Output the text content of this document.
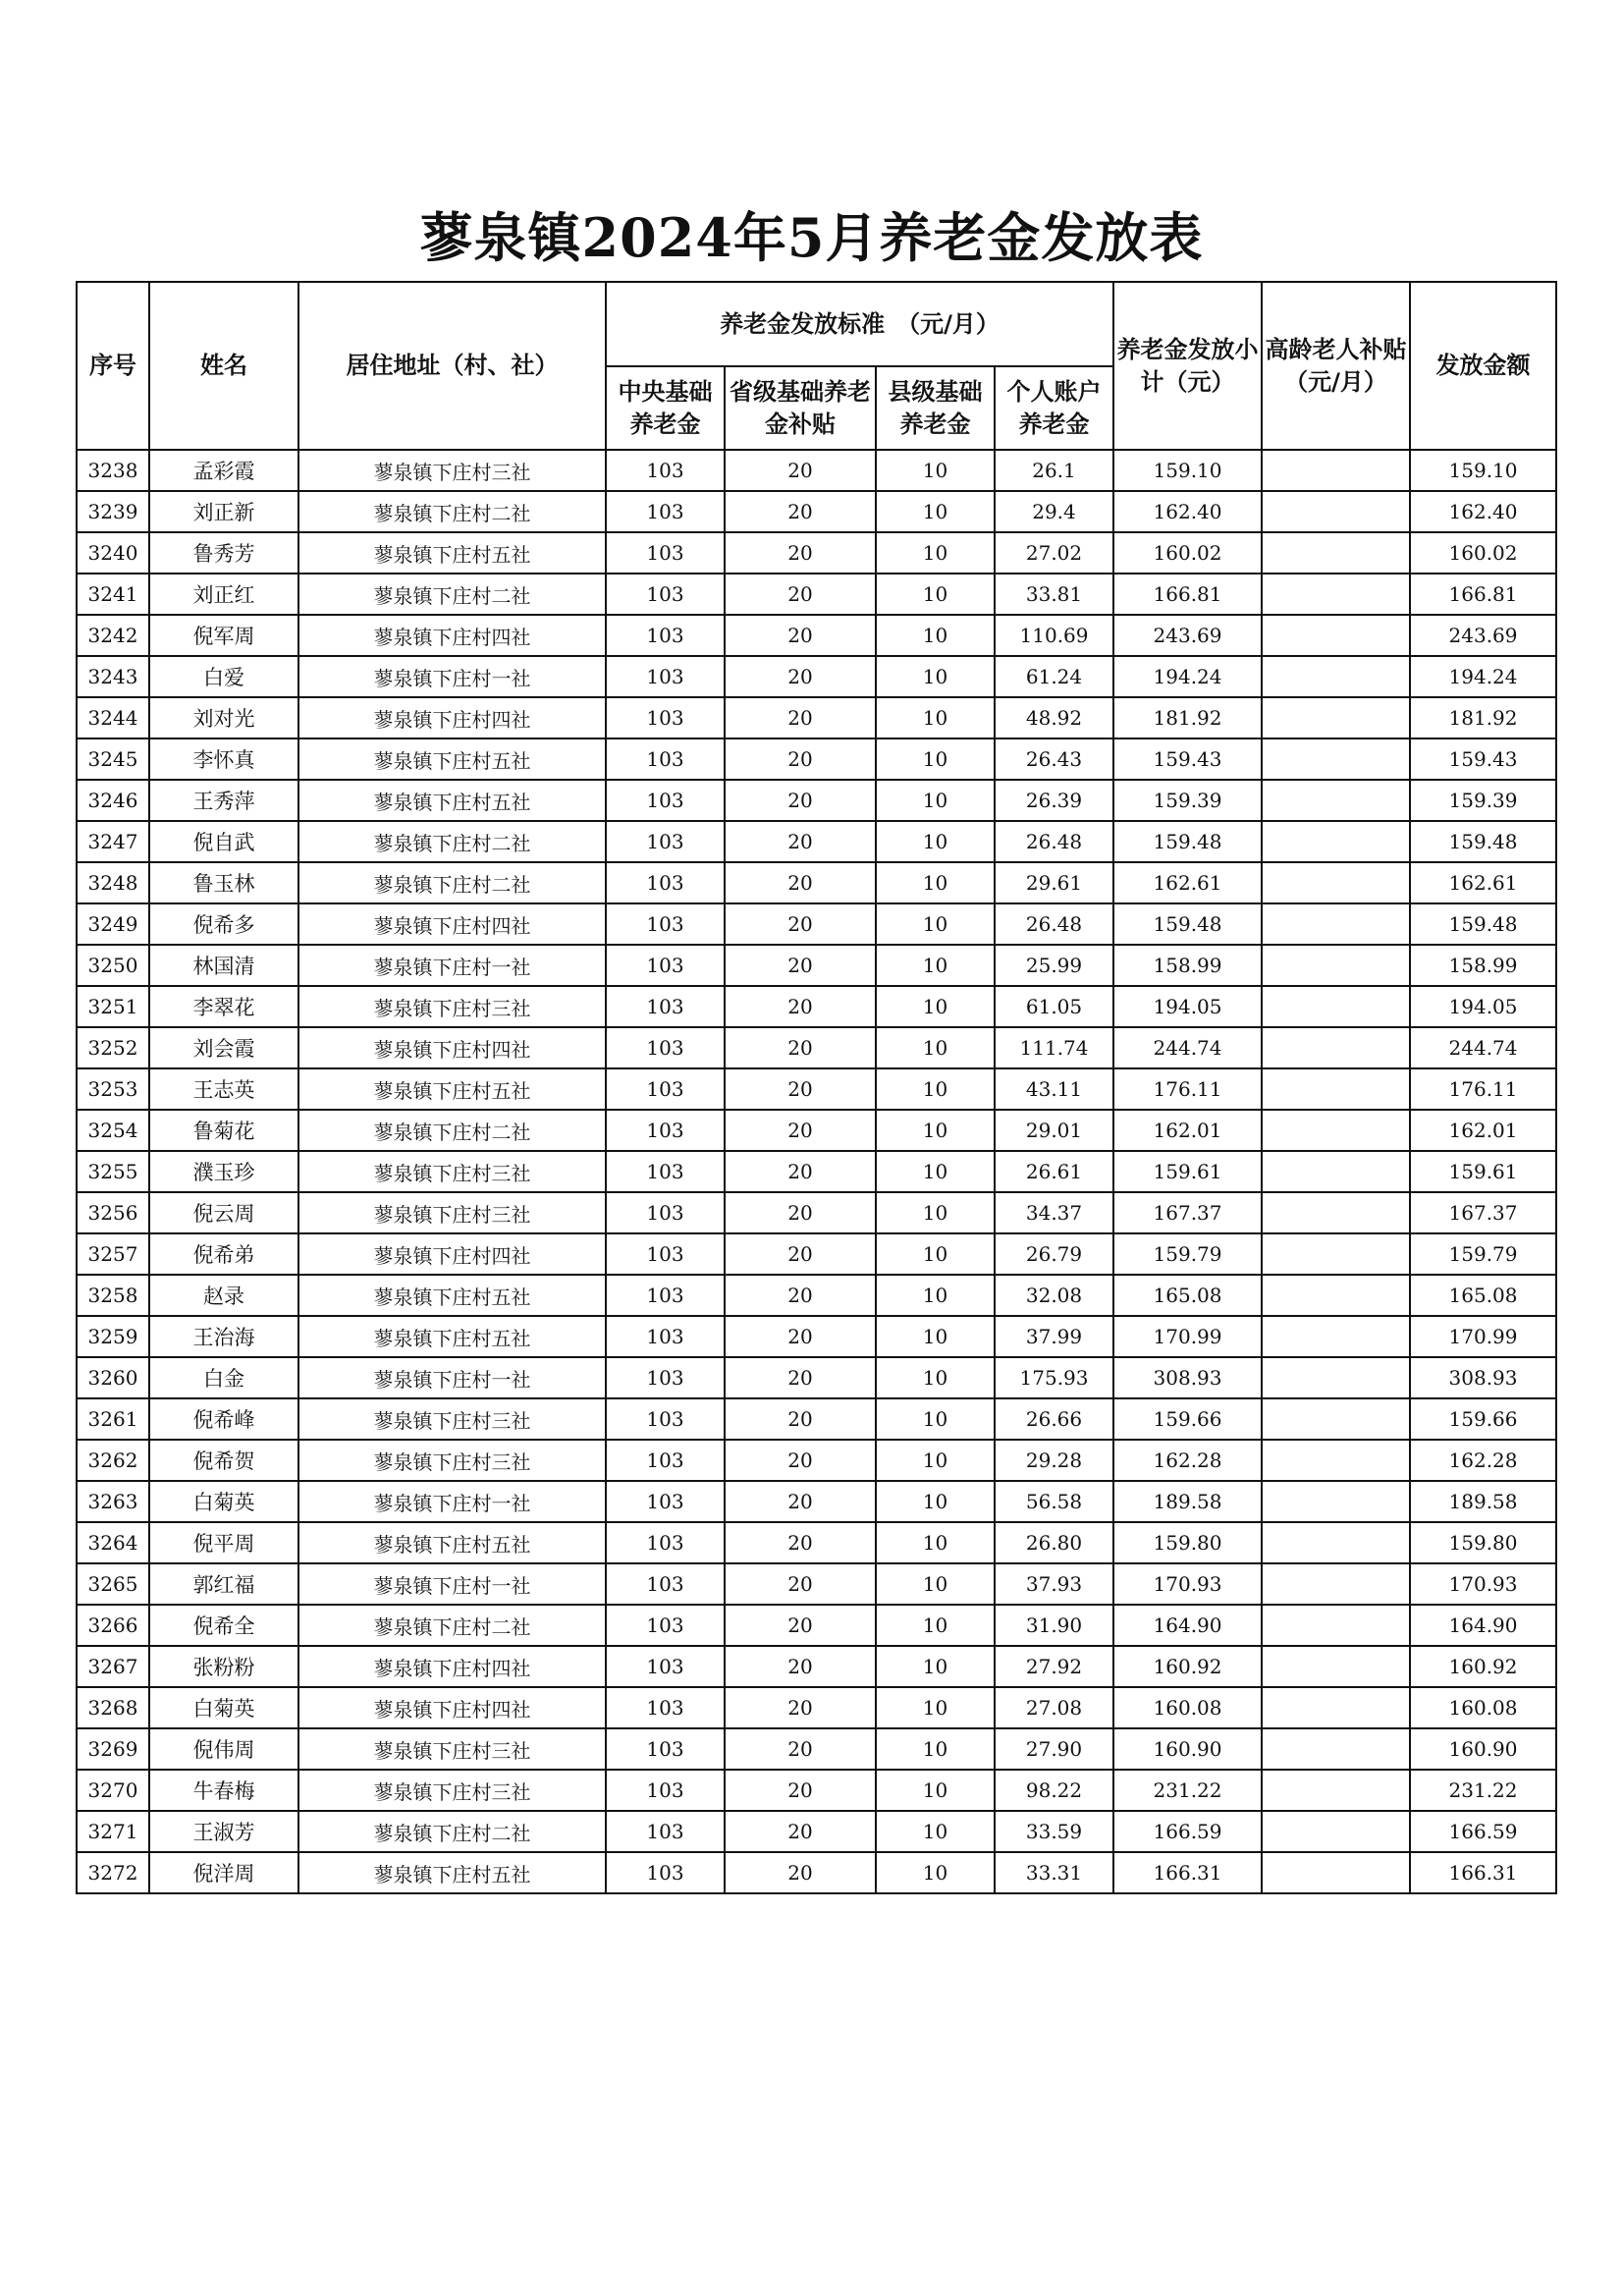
蓼泉镇2024年5月养老金发放表
序号	姓名	居住地址（村、社）	养老金发放标准　（元/月）				养老金发放小计（元）	高龄老人补贴（元/月）	发放金额
			中央基础养老金	省级基础养老金补贴	县级基础养老金	个人账户养老金			
3238	孟彩霞	蓼泉镇下庄村三社	103	20	10	26.1	159.10		159.10
3239	刘正新	蓼泉镇下庄村二社	103	20	10	29.4	162.40		162.40
3240	鲁秀芳	蓼泉镇下庄村五社	103	20	10	27.02	160.02		160.02
3241	刘正红	蓼泉镇下庄村二社	103	20	10	33.81	166.81		166.81
3242	倪军周	蓼泉镇下庄村四社	103	20	10	110.69	243.69		243.69
3243	白爱	蓼泉镇下庄村一社	103	20	10	61.24	194.24		194.24
3244	刘对光	蓼泉镇下庄村四社	103	20	10	48.92	181.92		181.92
3245	李怀真	蓼泉镇下庄村五社	103	20	10	26.43	159.43		159.43
3246	王秀萍	蓼泉镇下庄村五社	103	20	10	26.39	159.39		159.39
3247	倪自武	蓼泉镇下庄村二社	103	20	10	26.48	159.48		159.48
3248	鲁玉林	蓼泉镇下庄村二社	103	20	10	29.61	162.61		162.61
3249	倪希多	蓼泉镇下庄村四社	103	20	10	26.48	159.48		159.48
3250	林国清	蓼泉镇下庄村一社	103	20	10	25.99	158.99		158.99
3251	李翠花	蓼泉镇下庄村三社	103	20	10	61.05	194.05		194.05
3252	刘会霞	蓼泉镇下庄村四社	103	20	10	111.74	244.74		244.74
3253	王志英	蓼泉镇下庄村五社	103	20	10	43.11	176.11		176.11
3254	鲁菊花	蓼泉镇下庄村二社	103	20	10	29.01	162.01		162.01
3255	濮玉珍	蓼泉镇下庄村三社	103	20	10	26.61	159.61		159.61
3256	倪云周	蓼泉镇下庄村三社	103	20	10	34.37	167.37		167.37
3257	倪希弟	蓼泉镇下庄村四社	103	20	10	26.79	159.79		159.79
3258	赵录	蓼泉镇下庄村五社	103	20	10	32.08	165.08		165.08
3259	王治海	蓼泉镇下庄村五社	103	20	10	37.99	170.99		170.99
3260	白金	蓼泉镇下庄村一社	103	20	10	175.93	308.93		308.93
3261	倪希峰	蓼泉镇下庄村三社	103	20	10	26.66	159.66		159.66
3262	倪希贺	蓼泉镇下庄村三社	103	20	10	29.28	162.28		162.28
3263	白菊英	蓼泉镇下庄村一社	103	20	10	56.58	189.58		189.58
3264	倪平周	蓼泉镇下庄村五社	103	20	10	26.80	159.80		159.80
3265	郭红福	蓼泉镇下庄村一社	103	20	10	37.93	170.93		170.93
3266	倪希全	蓼泉镇下庄村二社	103	20	10	31.90	164.90		164.90
3267	张粉粉	蓼泉镇下庄村四社	103	20	10	27.92	160.92		160.92
3268	白菊英	蓼泉镇下庄村四社	103	20	10	27.08	160.08		160.08
3269	倪伟周	蓼泉镇下庄村三社	103	20	10	27.90	160.90		160.90
3270	牛春梅	蓼泉镇下庄村三社	103	20	10	98.22	231.22		231.22
3271	王淑芳	蓼泉镇下庄村二社	103	20	10	33.59	166.59		166.59
3272	倪洋周	蓼泉镇下庄村五社	103	20	10	33.31	166.31		166.31
